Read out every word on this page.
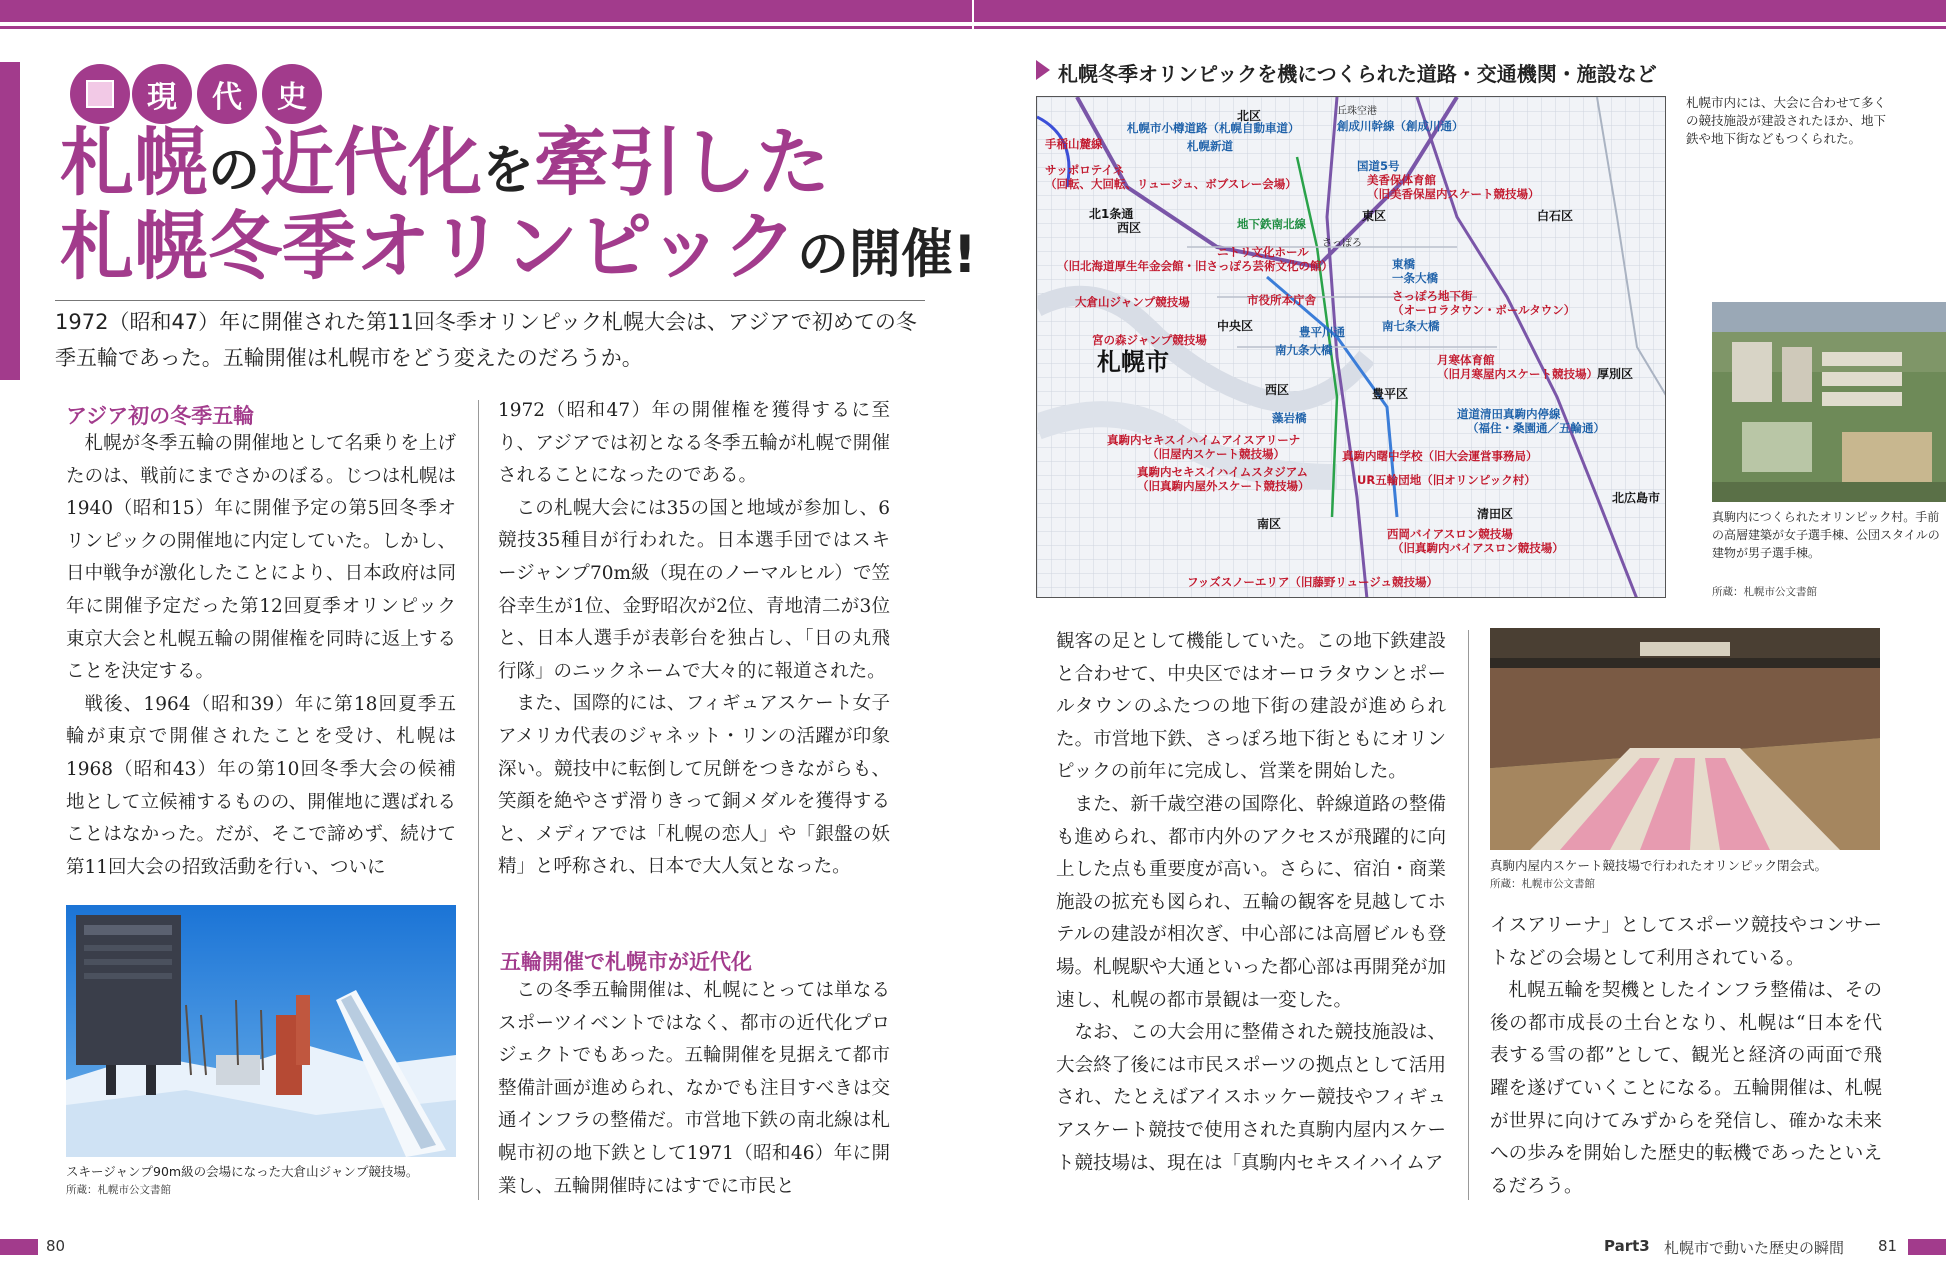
現	代	史
札幌の近代化を牽引した
札幌冬季オリンピックの開催!
1972（昭和47）年に開催された第11回冬季オリンピック札幌大会は、アジアで初めての冬季五輪であった。五輪開催は札幌市をどう変えたのだろうか。
アジア初の冬季五輪

札幌が冬季五輪の開催地として名乗りを上げたのは、戦前にまでさかのぼる。じつは札幌は1940（昭和15）年に開催予定の第5回冬季オリンピックの開催地に内定していた。しかし、日中戦争が激化したことにより、日本政府は同年に開催予定だった第12回夏季オリンピック東京大会と札幌五輪の開催権を同時に返上することを決定する。

戦後、1964（昭和39）年に第18回夏季五輪が東京で開催されたことを受け、札幌は1968（昭和43）年の第10回冬季大会の候補地として立候補するものの、開催地に選ばれることはなかった。だが、そこで諦めず、続けて第11回大会の招致活動を行い、ついに

スキージャンプ90m級の会場になった大倉山ジャンプ競技場。
所蔵：札幌市公文書館

1972（昭和47）年の開催権を獲得するに至り、アジアでは初となる冬季五輪が札幌で開催されることになったのである。

この札幌大会には35の国と地域が参加し、6競技35種目が行われた。日本選手団ではスキージャンプ70m級（現在のノーマルヒル）で笠谷幸生が1位、金野昭次が2位、青地清二が3位と、日本人選手が表彰台を独占し、「日の丸飛行隊」のニックネームで大々的に報道された。

また、国際的には、フィギュアスケート女子アメリカ代表のジャネット・リンの活躍が印象深い。競技中に転倒して尻餅をつきながらも、笑顔を絶やさず滑りきって銅メダルを獲得すると、メディアでは「札幌の恋人」や「銀盤の妖精」と呼称され、日本で大人気となった。

五輪開催で札幌市が近代化

この冬季五輪開催は、札幌にとっては単なるスポーツイベントではなく、都市の近代化プロジェクトでもあった。五輪開催を見据えて都市整備計画が進められ、なかでも注目すべきは交通インフラの整備だ。市営地下鉄の南北線は札幌市初の地下鉄として1971（昭和46）年に開業し、五輪開催時にはすでに市民と

札幌冬季オリンピックを機につくられた道路・交通機関・施設など
北区	丘珠空港
創成川幹線（創成川通）
札幌市小樽道路（札幌自動車道）
手稲山麓線	札幌新道
サッポロテイネ
（回転、大回転、リュージュ、ボブスレー会場）
国道5号
美香保体育館
（旧美香保屋内スケート競技場）
北1条通
西区	地下鉄南北線
東区	白石区
さっぽろ
ニトリ文化ホール
（旧北海道厚生年金会館・旧さっぽろ芸術文化の館）	東橋
一条大橋
大倉山ジャンプ競技場	市役所本庁舎	さっぽろ地下街
（オーロラタウン・ポールタウン）
中央区	豊平川通	南七条大橋
宮の森ジャンプ競技場
南九条大橋
月寒体育館
（旧月寒屋内スケート競技場）
札幌市	厚別区
西区	豊平区
道道清田真駒内停線
（福住・桑園通／五輪通）
藻岩橋
真駒内セキスイハイムアイスアリーナ
（旧屋内スケート競技場）	真駒内曙中学校（旧大会運営事務局）
真駒内セキスイハイムスタジアム
（旧真駒内屋外スケート競技場）	UR五輪団地（旧オリンピック村）
北広島市
清田区
南区
西岡バイアスロン競技場
（旧真駒内バイアスロン競技場）
フッズスノーエリア（旧藤野リュージュ競技場）
札幌市内には、大会に合わせて多くの競技施設が建設されたほか、地下鉄や地下街などもつくられた。
真駒内につくられたオリンピック村。手前の高層建築が女子選手棟、公団スタイルの建物が男子選手棟。
所蔵：札幌市公文書館

観客の足として機能していた。この地下鉄建設と合わせて、中央区ではオーロラタウンとポールタウンのふたつの地下街の建設が進められた。市営地下鉄、さっぽろ地下街ともにオリンピックの前年に完成し、営業を開始した。

また、新千歳空港の国際化、幹線道路の整備も進められ、都市内外のアクセスが飛躍的に向上した点も重要度が高い。さらに、宿泊・商業施設の拡充も図られ、五輪の観客を見越してホテルの建設が相次ぎ、中心部には高層ビルも登場。札幌駅や大通といった都心部は再開発が加速し、札幌の都市景観は一変した。

なお、この大会用に整備された競技施設は、大会終了後には市民スポーツの拠点として活用され、たとえばアイスホッケー競技やフィギュアスケート競技で使用された真駒内屋内スケート競技場は、現在は「真駒内セキスイハイムア

真駒内屋内スケート競技場で行われたオリンピック閉会式。
所蔵：札幌市公文書館

イスアリーナ」としてスポーツ競技やコンサートなどの会場として利用されている。

札幌五輪を契機としたインフラ整備は、その後の都市成長の土台となり、札幌は“日本を代表する雪の都”として、観光と経済の両面で飛躍を遂げていくことになる。五輪開催は、札幌が世界に向けてみずからを発信し、確かな未来への歩みを開始した歴史的転機であったといえるだろう。

80	Part3 札幌市で動いた歴史の瞬間 81
